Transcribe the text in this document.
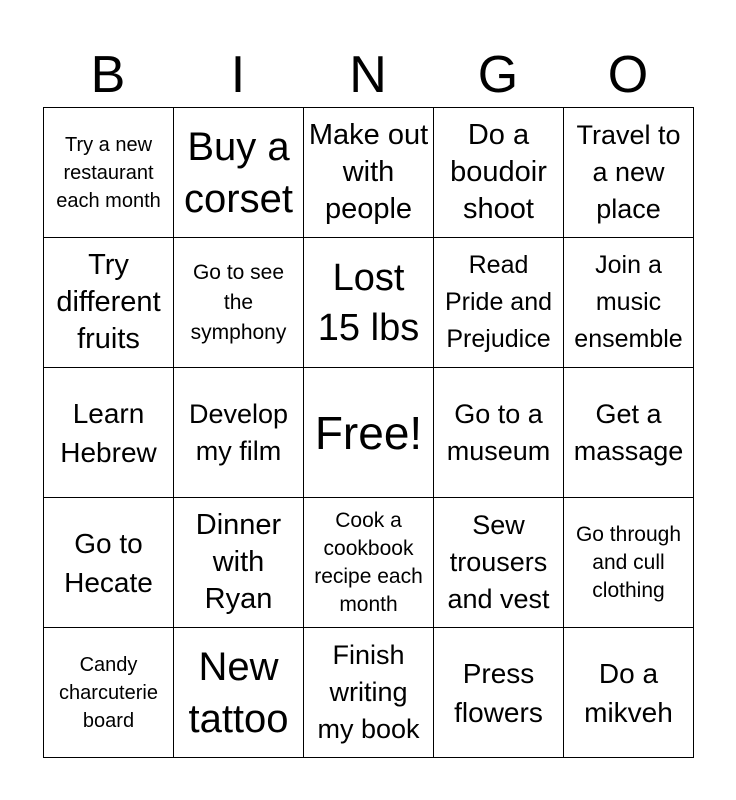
B	I	N	G	O
Try a new restaurant each month	Buy a corset	Make out with people	Do a boudoir shoot	Travel to a new place
Try different fruits	Go to see the symphony	Lost 15 lbs	Read Pride and Prejudice	Join a music ensemble
Learn Hebrew	Develop my film	Free!	Go to a museum	Get a massage
Go to Hecate	Dinner with Ryan	Cook a cookbook recipe each month	Sew trousers and vest	Go through and cull clothing
Candy charcuterie board	New tattoo	Finish writing my book	Press flowers	Do a mikveh
